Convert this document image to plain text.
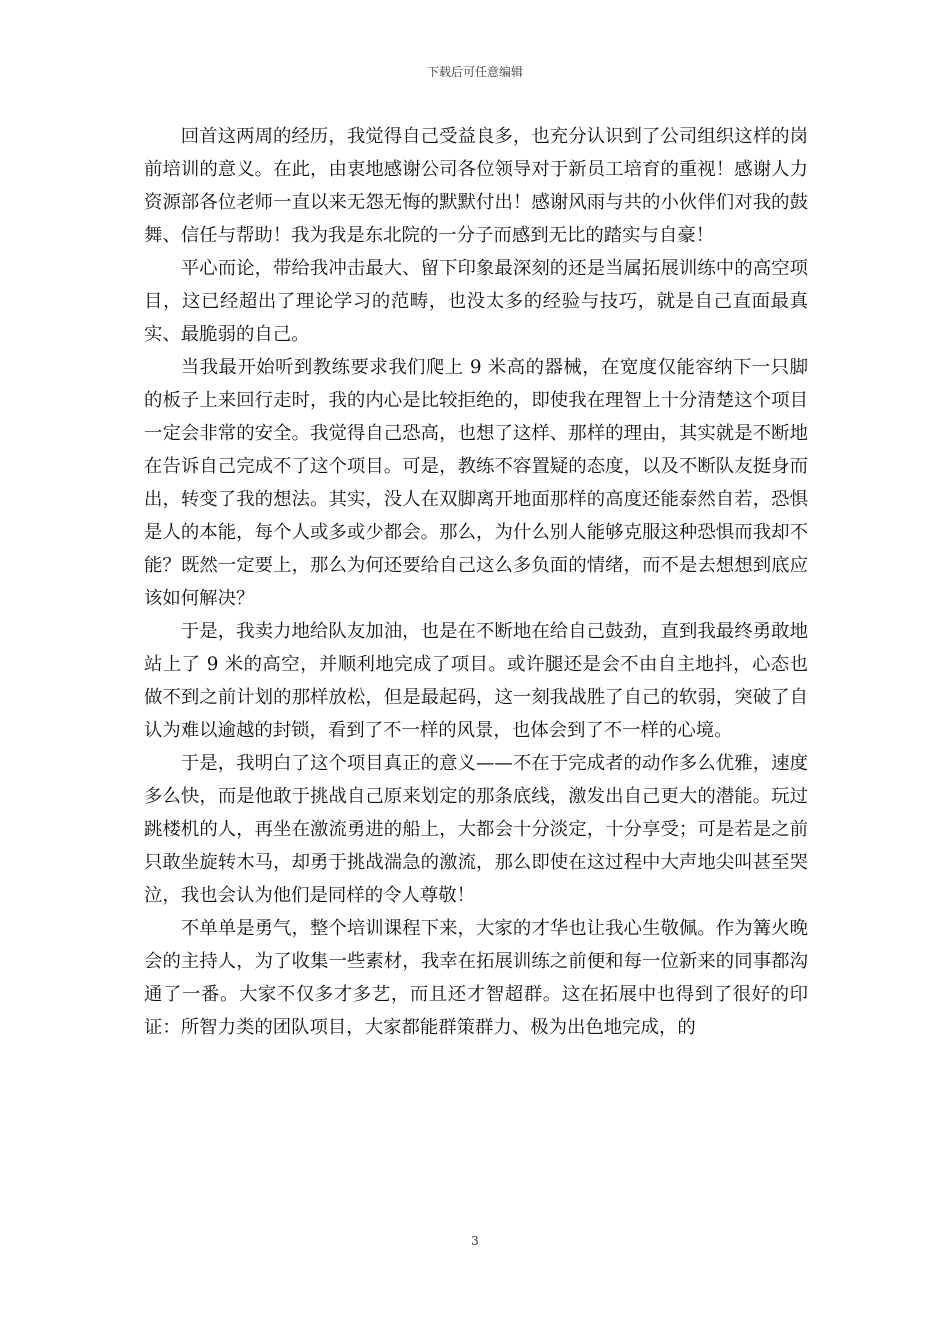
下载后可任意编辑

回首这两周的经历，我觉得自己受益良多，也充分认识到了公司组织这样的岗前培训的意义。在此，由衷地感谢公司各位领导对于新员工培育的重视！感谢人力资源部各位老师一直以来无怨无悔的默默付出！感谢风雨与共的小伙伴们对我的鼓舞、信任与帮助！我为我是东北院的一分子而感到无比的踏实与自豪！

平心而论，带给我冲击最大、留下印象最深刻的还是当属拓展训练中的高空项目，这已经超出了理论学习的范畴，也没太多的经验与技巧，就是自己直面最真实、最脆弱的自己。

当我最开始听到教练要求我们爬上 9 米高的器械，在宽度仅能容纳下一只脚的板子上来回行走时，我的内心是比较拒绝的，即使我在理智上十分清楚这个项目一定会非常的安全。我觉得自己恐高，也想了这样、那样的理由，其实就是不断地在告诉自己完成不了这个项目。可是，教练不容置疑的态度，以及不断队友挺身而出，转变了我的想法。其实，没人在双脚离开地面那样的高度还能泰然自若，恐惧是人的本能，每个人或多或少都会。那么，为什么别人能够克服这种恐惧而我却不能？既然一定要上，那么为何还要给自己这么多负面的情绪，而不是去想想到底应该如何解决？

于是，我卖力地给队友加油，也是在不断地在给自己鼓劲，直到我最终勇敢地站上了 9 米的高空，并顺利地完成了项目。或许腿还是会不由自主地抖，心态也做不到之前计划的那样放松，但是最起码，这一刻我战胜了自己的软弱，突破了自认为难以逾越的封锁，看到了不一样的风景，也体会到了不一样的心境。

于是，我明白了这个项目真正的意义——不在于完成者的动作多么优雅，速度多么快，而是他敢于挑战自己原来划定的那条底线，激发出自己更大的潜能。玩过跳楼机的人，再坐在激流勇进的船上，大都会十分淡定，十分享受；可是若是之前只敢坐旋转木马，却勇于挑战湍急的激流，那么即使在这过程中大声地尖叫甚至哭泣，我也会认为他们是同样的令人尊敬！

不单单是勇气，整个培训课程下来，大家的才华也让我心生敬佩。作为篝火晚会的主持人，为了收集一些素材，我幸在拓展训练之前便和每一位新来的同事都沟通了一番。大家不仅多才多艺，而且还才智超群。这在拓展中也得到了很好的印证：所智力类的团队项目，大家都能群策群力、极为出色地完成，的

3
